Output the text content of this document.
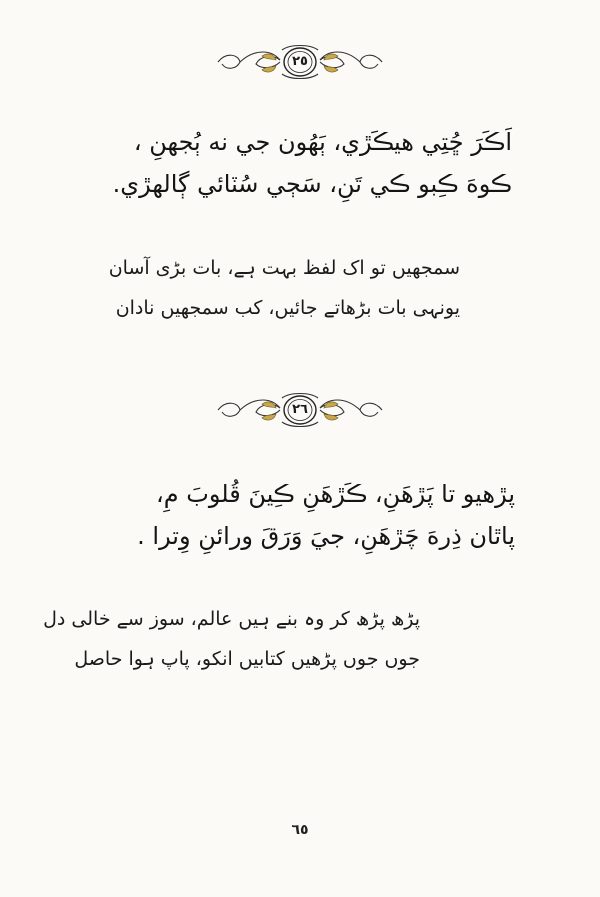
٢٥
اَڪَرَ ڇُتِي هيڪَڙي، ٻَهُون جي نه ٻُجهنِ ،
ڪوهَ ڪِبو ڪي تَنِ، سَڄي سُٽائي ڳالهڙي.
سمجھیں تو اک لفظ بہت ہے، بات بڑی آسان
یونہی بات بڑھاتے جائیں، کب سمجھیں نادان
٢٦
پڙهيو تا پَڙهَنِ، ڪَڙهَنِ ڪِينَ قُلوبَ مِ،
پاٿان ذِرهَ چَڙهَنِ، جيَ وَرَقَ ورائنِ وِترا .
پڑھ پڑھ کر وہ بنے ہیں عالم، سوز سے خالی دل
جوں جوں پڑھیں کتابیں انکو، پاپ ہوا حاصل
٦٥
